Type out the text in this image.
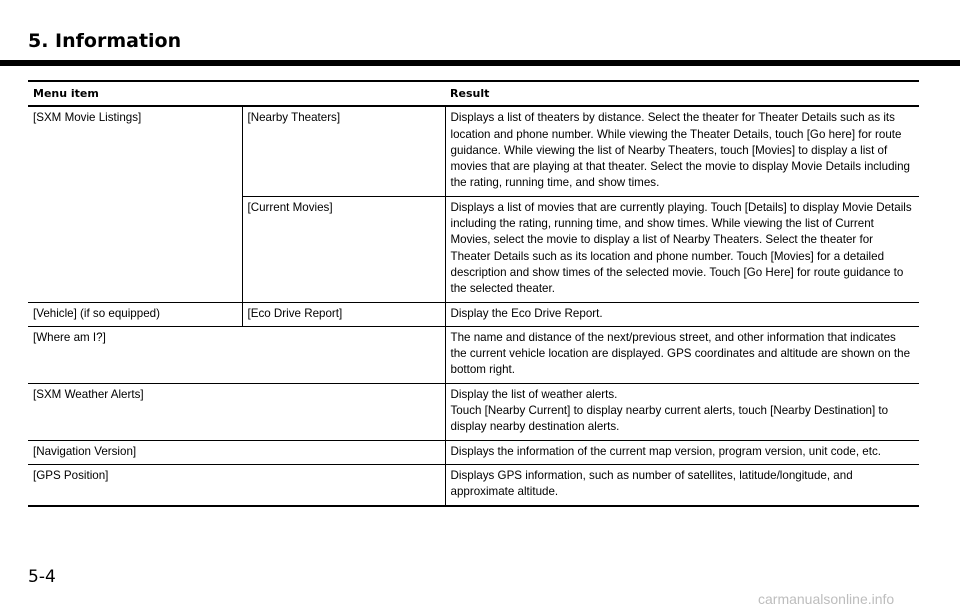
5. Information
Menu item		Result
[SXM Movie Listings]	[Nearby Theaters]	Displays a list of theaters by distance. Select the theater for Theater Details such as its location and phone number. While viewing the Theater Details, touch [Go here] for route guidance. While viewing the list of Nearby Theaters, touch [Movies] to display a list of movies that are playing at that theater. Select the movie to display Movie Details including the rating, running time, and show times.
	[Current Movies]	Displays a list of movies that are currently playing. Touch [Details] to display Movie Details including the rating, running time, and show times. While viewing the list of Current Movies, select the movie to display a list of Nearby Theaters. Select the theater for Theater Details such as its location and phone number. Touch [Movies] for a detailed description and show times of the selected movie. Touch [Go Here] for route guidance to the selected theater.
[Vehicle] (if so equipped)	[Eco Drive Report]	Display the Eco Drive Report.
[Where am I?]		The name and distance of the next/previous street, and other information that indicates the current vehicle location are displayed. GPS coordinates and altitude are shown on the bottom right.
[SXM Weather Alerts]		Display the list of weather alerts.
Touch [Nearby Current] to display nearby current alerts, touch [Nearby Destination] to display nearby destination alerts.

[Navigation Version]		Displays the information of the current map version, program version, unit code, etc.
[GPS Position]		Displays GPS information, such as number of satellites, latitude/longitude, and approximate altitude.
5-4
carmanualsonline.info
